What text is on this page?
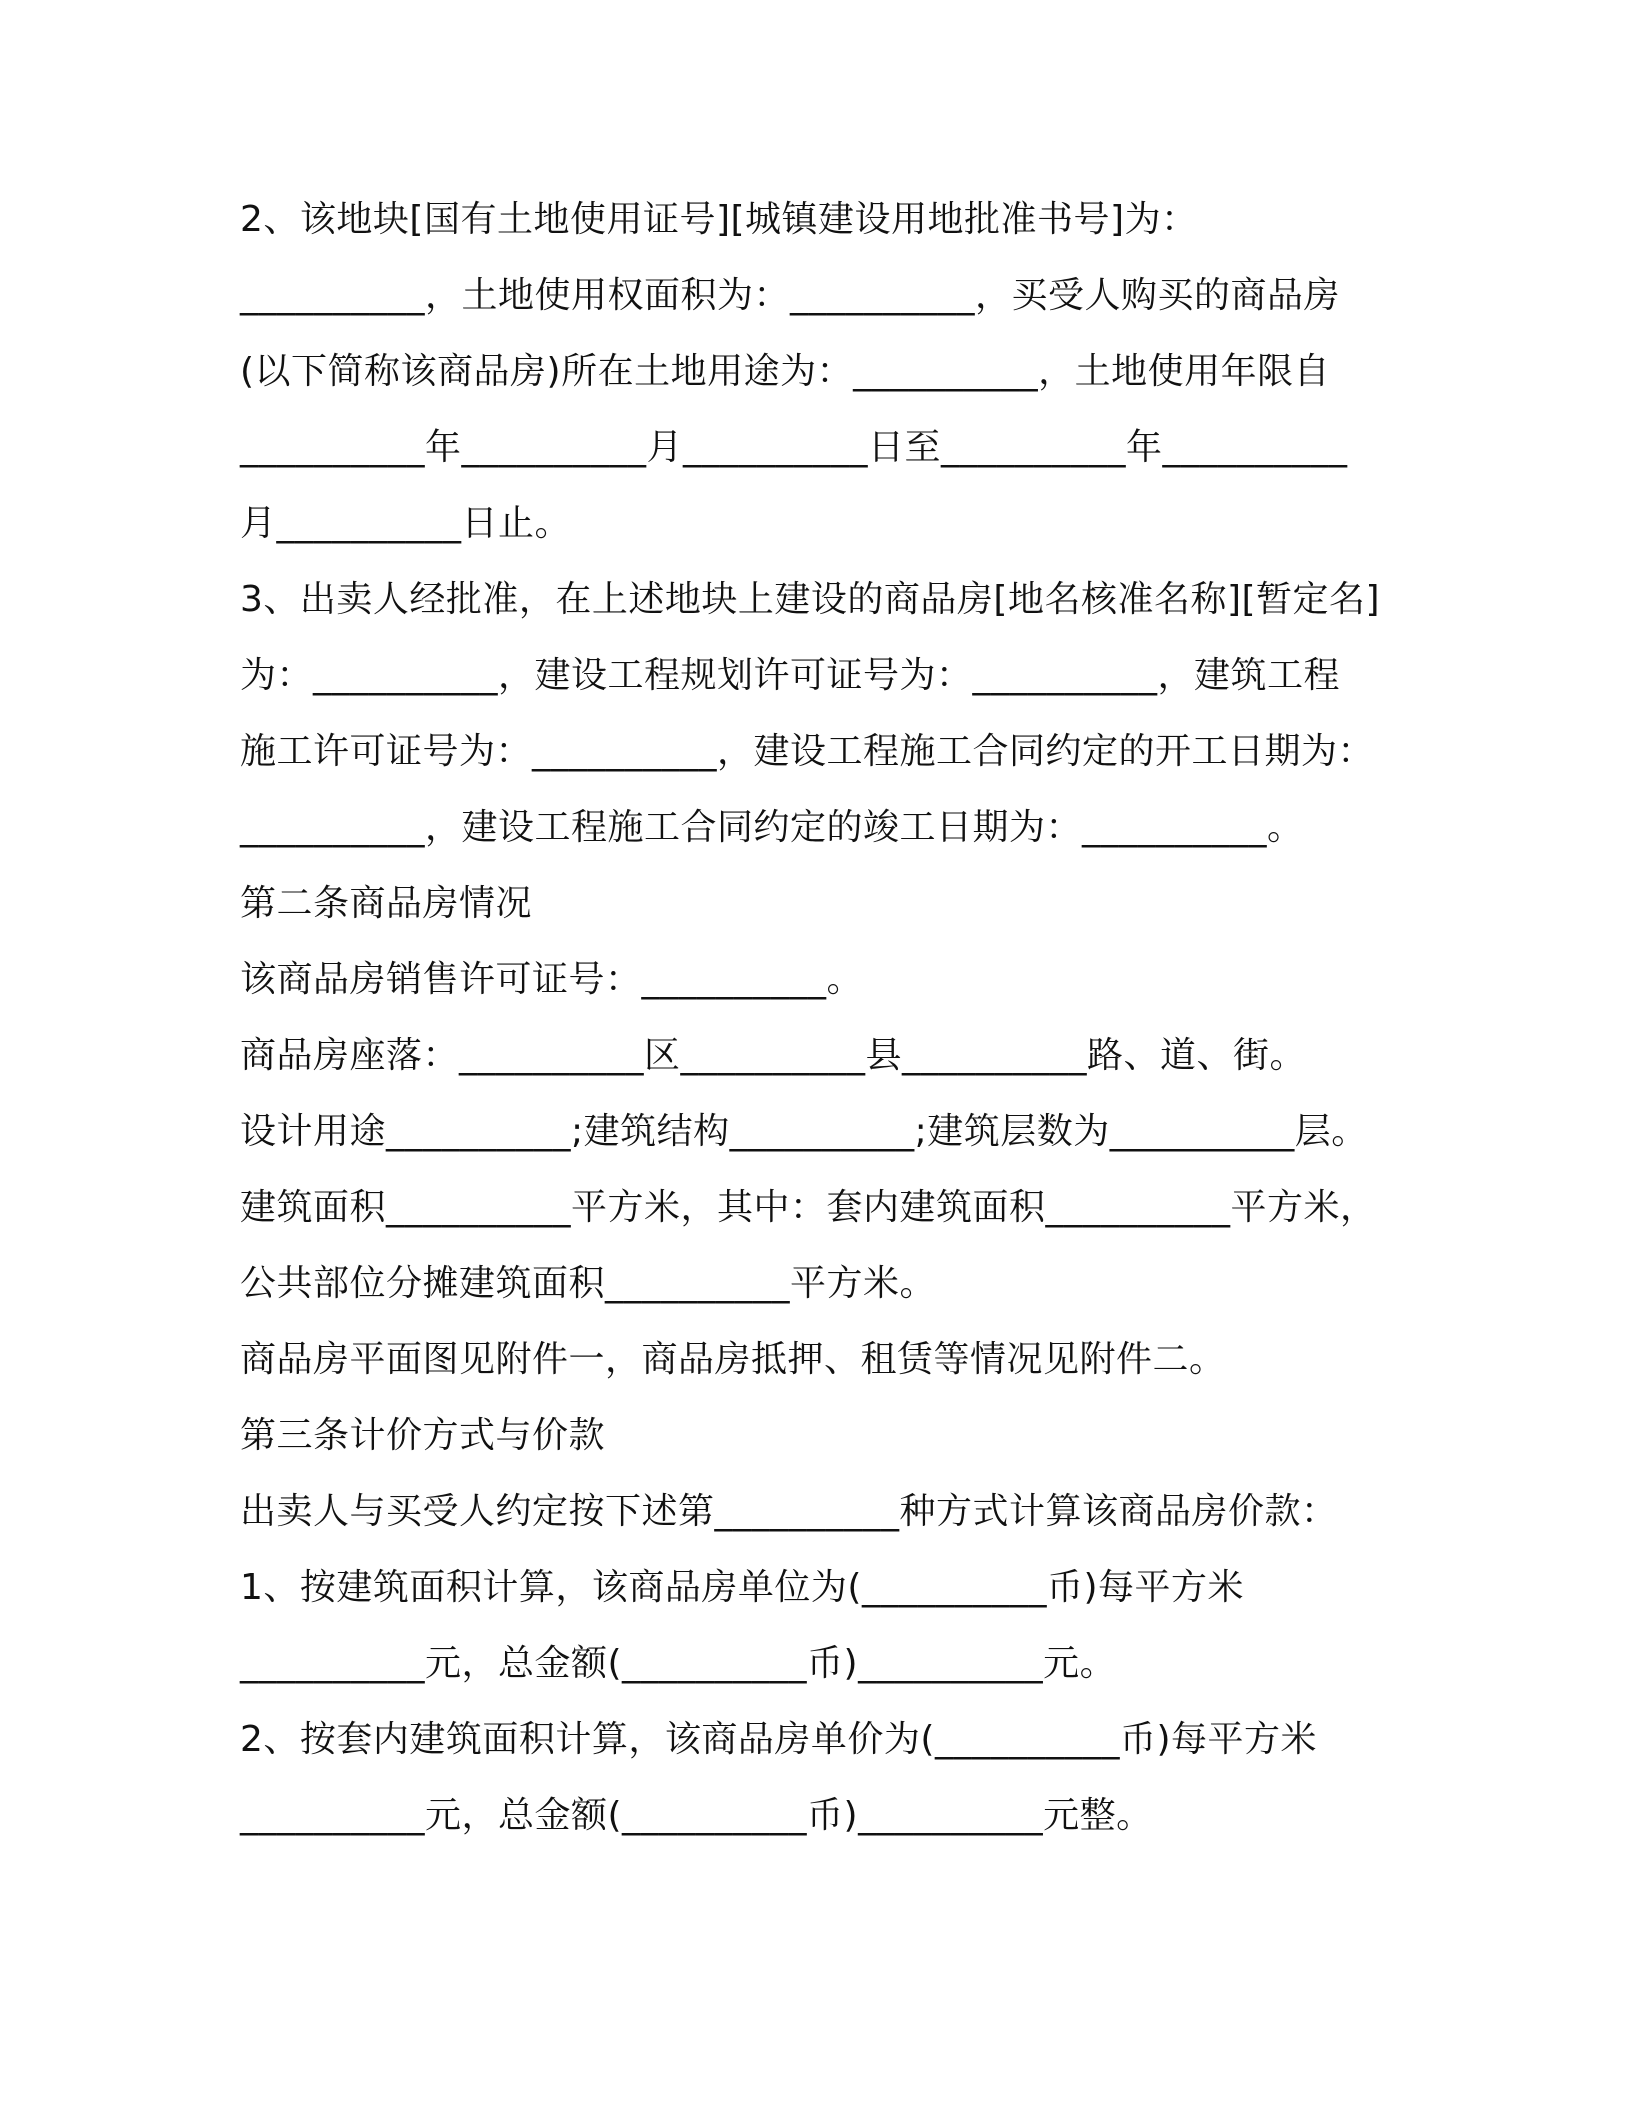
2、该地块[国有土地使用证号][城镇建设用地批准书号]为：
__________，土地使用权面积为：__________，买受人购买的商品房
(以下简称该商品房)所在土地用途为：__________，土地使用年限自
__________年__________月__________日至__________年__________
月__________日止。
3、出卖人经批准，在上述地块上建设的商品房[地名核准名称][暂定名]
为：__________，建设工程规划许可证号为：__________，建筑工程
施工许可证号为：__________，建设工程施工合同约定的开工日期为：
__________，建设工程施工合同约定的竣工日期为：__________。
第二条商品房情况
该商品房销售许可证号：__________。
商品房座落：__________区__________县__________路、道、街。
设计用途__________;建筑结构__________;建筑层数为__________层。
建筑面积__________平方米，其中：套内建筑面积__________平方米，
公共部位分摊建筑面积__________平方米。
商品房平面图见附件一，商品房抵押、租赁等情况见附件二。
第三条计价方式与价款
出卖人与买受人约定按下述第__________种方式计算该商品房价款：
1、按建筑面积计算，该商品房单位为(__________币)每平方米
__________元，总金额(__________币)__________元。
2、按套内建筑面积计算，该商品房单价为(__________币)每平方米
__________元，总金额(__________币)__________元整。
